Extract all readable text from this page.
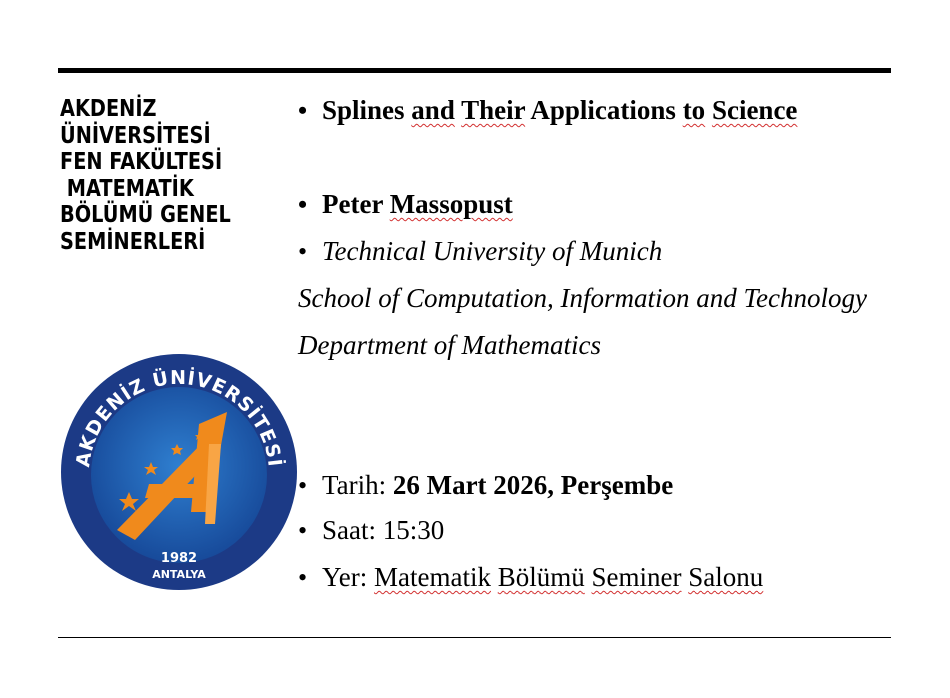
AKDENİZ
ÜNİVERSİTESİ
FEN FAKÜLTESİ
MATEMATİK
BÖLÜMÜ GENEL
SEMİNERLERİ
AKDENİZ ÜNİVERSİTESİ
1982
ANTALYA
• Splines and Their Applications to Science
• Peter Massopust
• Technical University of Munich
School of Computation, Information and Technology
Department of Mathematics
• Tarih: 26 Mart 2026, Perşembe
• Saat: 15:30
• Yer: Matematik Bölümü Seminer Salonu
